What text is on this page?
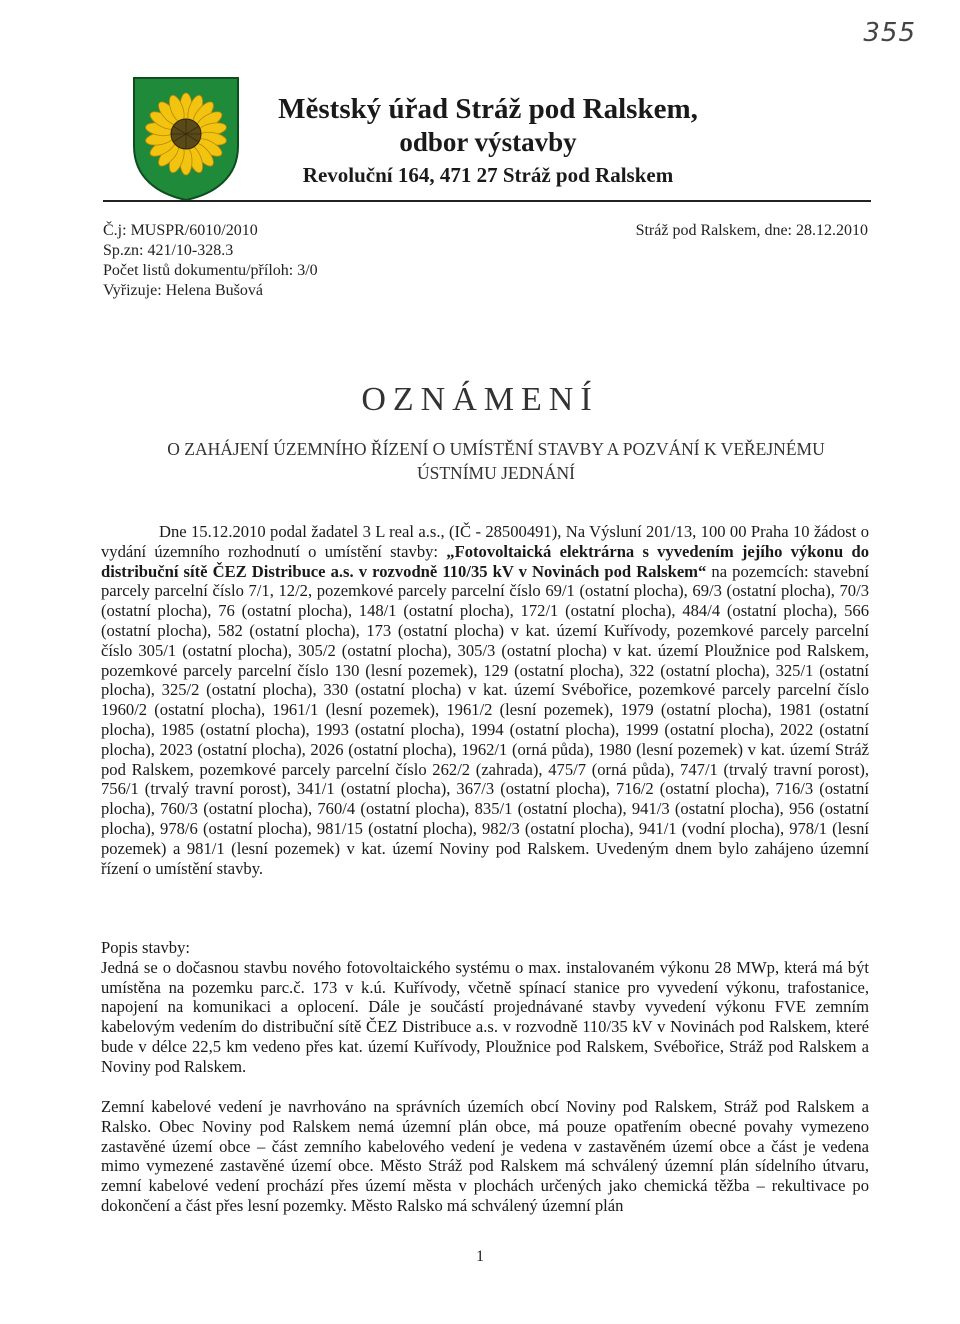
355
Městský úřad Stráž pod Ralskem,
odbor výstavby
Revoluční 164, 471 27 Stráž pod Ralskem
Č.j: MUSPR/6010/2010
Sp.zn: 421/10-328.3
Počet listů dokumentu/příloh: 3/0
Vyřizuje: Helena Bušová
Stráž pod Ralskem, dne: 28.12.2010
OZNÁMENÍ
O ZAHÁJENÍ ÚZEMNÍHO ŘÍZENÍ O UMÍSTĚNÍ STAVBY A POZVÁNÍ K VEŘEJNÉMU
ÚSTNÍMU JEDNÁNÍ

Dne 15.12.2010 podal žadatel 3 L real a.s., (IČ - 28500491), Na Výsluní 201/13, 100 00 Praha 10 žádost o vydání územního rozhodnutí o umístění stavby: „Fotovoltaická elektrárna s vyvedením jejího výkonu do distribuční sítě ČEZ Distribuce a.s. v rozvodně 110/35 kV v Novinách pod Ralskem“ na pozemcích: stavební parcely parcelní číslo 7/1, 12/2, pozemkové parcely parcelní číslo 69/1 (ostatní plocha), 69/3 (ostatní plocha), 70/3 (ostatní plocha), 76 (ostatní plocha), 148/1 (ostatní plocha), 172/1 (ostatní plocha), 484/4 (ostatní plocha), 566 (ostatní plocha), 582 (ostatní plocha), 173 (ostatní plocha) v kat. území Kuřívody, pozemkové parcely parcelní číslo 305/1 (ostatní plocha), 305/2 (ostatní plocha), 305/3 (ostatní plocha) v kat. území Ploužnice pod Ralskem, pozemkové parcely parcelní číslo 130 (lesní pozemek), 129 (ostatní plocha), 322 (ostatní plocha), 325/1 (ostatní plocha), 325/2 (ostatní plocha), 330 (ostatní plocha) v kat. území Svébořice, pozemkové parcely parcelní číslo 1960/2 (ostatní plocha), 1961/1 (lesní pozemek), 1961/2 (lesní pozemek), 1979 (ostatní plocha), 1981 (ostatní plocha), 1985 (ostatní plocha), 1993 (ostatní plocha), 1994 (ostatní plocha), 1999 (ostatní plocha), 2022 (ostatní plocha), 2023 (ostatní plocha), 2026 (ostatní plocha), 1962/1 (orná půda), 1980 (lesní pozemek) v kat. území Stráž pod Ralskem, pozemkové parcely parcelní číslo 262/2 (zahrada), 475/7 (orná půda), 747/1 (trvalý travní porost), 756/1 (trvalý travní porost), 341/1 (ostatní plocha), 367/3 (ostatní plocha), 716/2 (ostatní plocha), 716/3 (ostatní plocha), 760/3 (ostatní plocha), 760/4 (ostatní plocha), 835/1 (ostatní plocha), 941/3 (ostatní plocha), 956 (ostatní plocha), 978/6 (ostatní plocha), 981/15 (ostatní plocha), 982/3 (ostatní plocha), 941/1 (vodní plocha), 978/1 (lesní pozemek) a 981/1 (lesní pozemek) v kat. území Noviny pod Ralskem. Uvedeným dnem bylo zahájeno územní řízení o umístění stavby.

Popis stavby:

Jedná se o dočasnou stavbu nového fotovoltaického systému o max. instalovaném výkonu 28 MWp, která má být umístěna na pozemku parc.č. 173 v k.ú. Kuřívody, včetně spínací stanice pro vyvedení výkonu, trafostanice, napojení na komunikaci a oplocení. Dále je součástí projednávané stavby vyvedení výkonu FVE zemním kabelovým vedením do distribuční sítě ČEZ Distribuce a.s. v rozvodně 110/35 kV v Novinách pod Ralskem, které bude v délce 22,5 km vedeno přes kat. území Kuřívody, Ploužnice pod Ralskem, Svébořice, Stráž pod Ralskem a Noviny pod Ralskem.

Zemní kabelové vedení je navrhováno na správních územích obcí Noviny pod Ralskem, Stráž pod Ralskem a Ralsko. Obec Noviny pod Ralskem nemá územní plán obce, má pouze opatřením obecné povahy vymezeno zastavěné území obce – část zemního kabelového vedení je vedena v zastavěném území obce a část je vedena mimo vymezené zastavěné území obce. Město Stráž pod Ralskem má schválený územní plán sídelního útvaru, zemní kabelové vedení prochází přes území města v plochách určených jako chemická těžba – rekultivace po dokončení a část přes lesní pozemky. Město Ralsko má schválený územní plán

1
